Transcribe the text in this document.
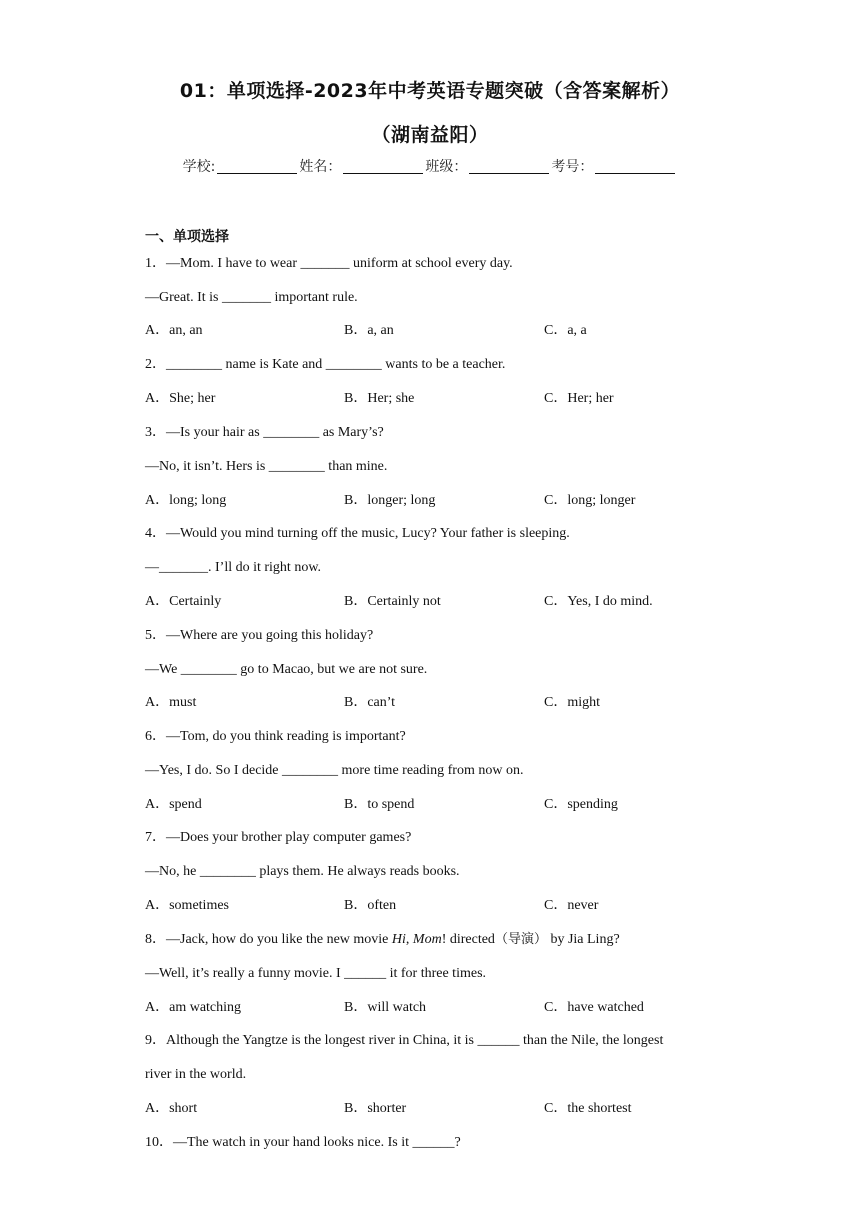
01：单项选择-2023年中考英语专题突破（含答案解析）
（湖南益阳）
学校:	姓名：	班级：	考号：
一、单项选择
1．—Mom. I have to wear _______ uniform at school every day.
—Great. It is _______ important rule.
A．an, an	B．a, an	C．a, a
2．________ name is Kate and ________ wants to be a teacher.
A．She; her	B．Her; she	C．Her; her
3．—Is your hair as ________ as Mary’s?
—No, it isn’t. Hers is ________ than mine.
A．long; long	B．longer; long	C．long; longer
4．—Would you mind turning off the music, Lucy? Your father is sleeping.
—_______. I’ll do it right now.
A．Certainly	B．Certainly not	C．Yes, I do mind.
5．—Where are you going this holiday?
—We ________ go to Macao, but we are not sure.
A．must	B．can’t	C．might
6．—Tom, do you think reading is important?
—Yes, I do. So I decide ________ more time reading from now on.
A．spend	B．to spend	C．spending
7．—Does your brother play computer games?
—No, he ________ plays them. He always reads books.
A．sometimes	B．often	C．never
8．—Jack, how do you like the new movie Hi, Mom! directed（导演） by Jia Ling?
—Well, it’s really a funny movie. I ______ it for three times.
A．am watching	B．will watch	C．have watched
9．Although the Yangtze is the longest river in China, it is ______ than the Nile, the longest
river in the world.
A．short	B．shorter	C．the shortest
10．—The watch in your hand looks nice. Is it ______?
